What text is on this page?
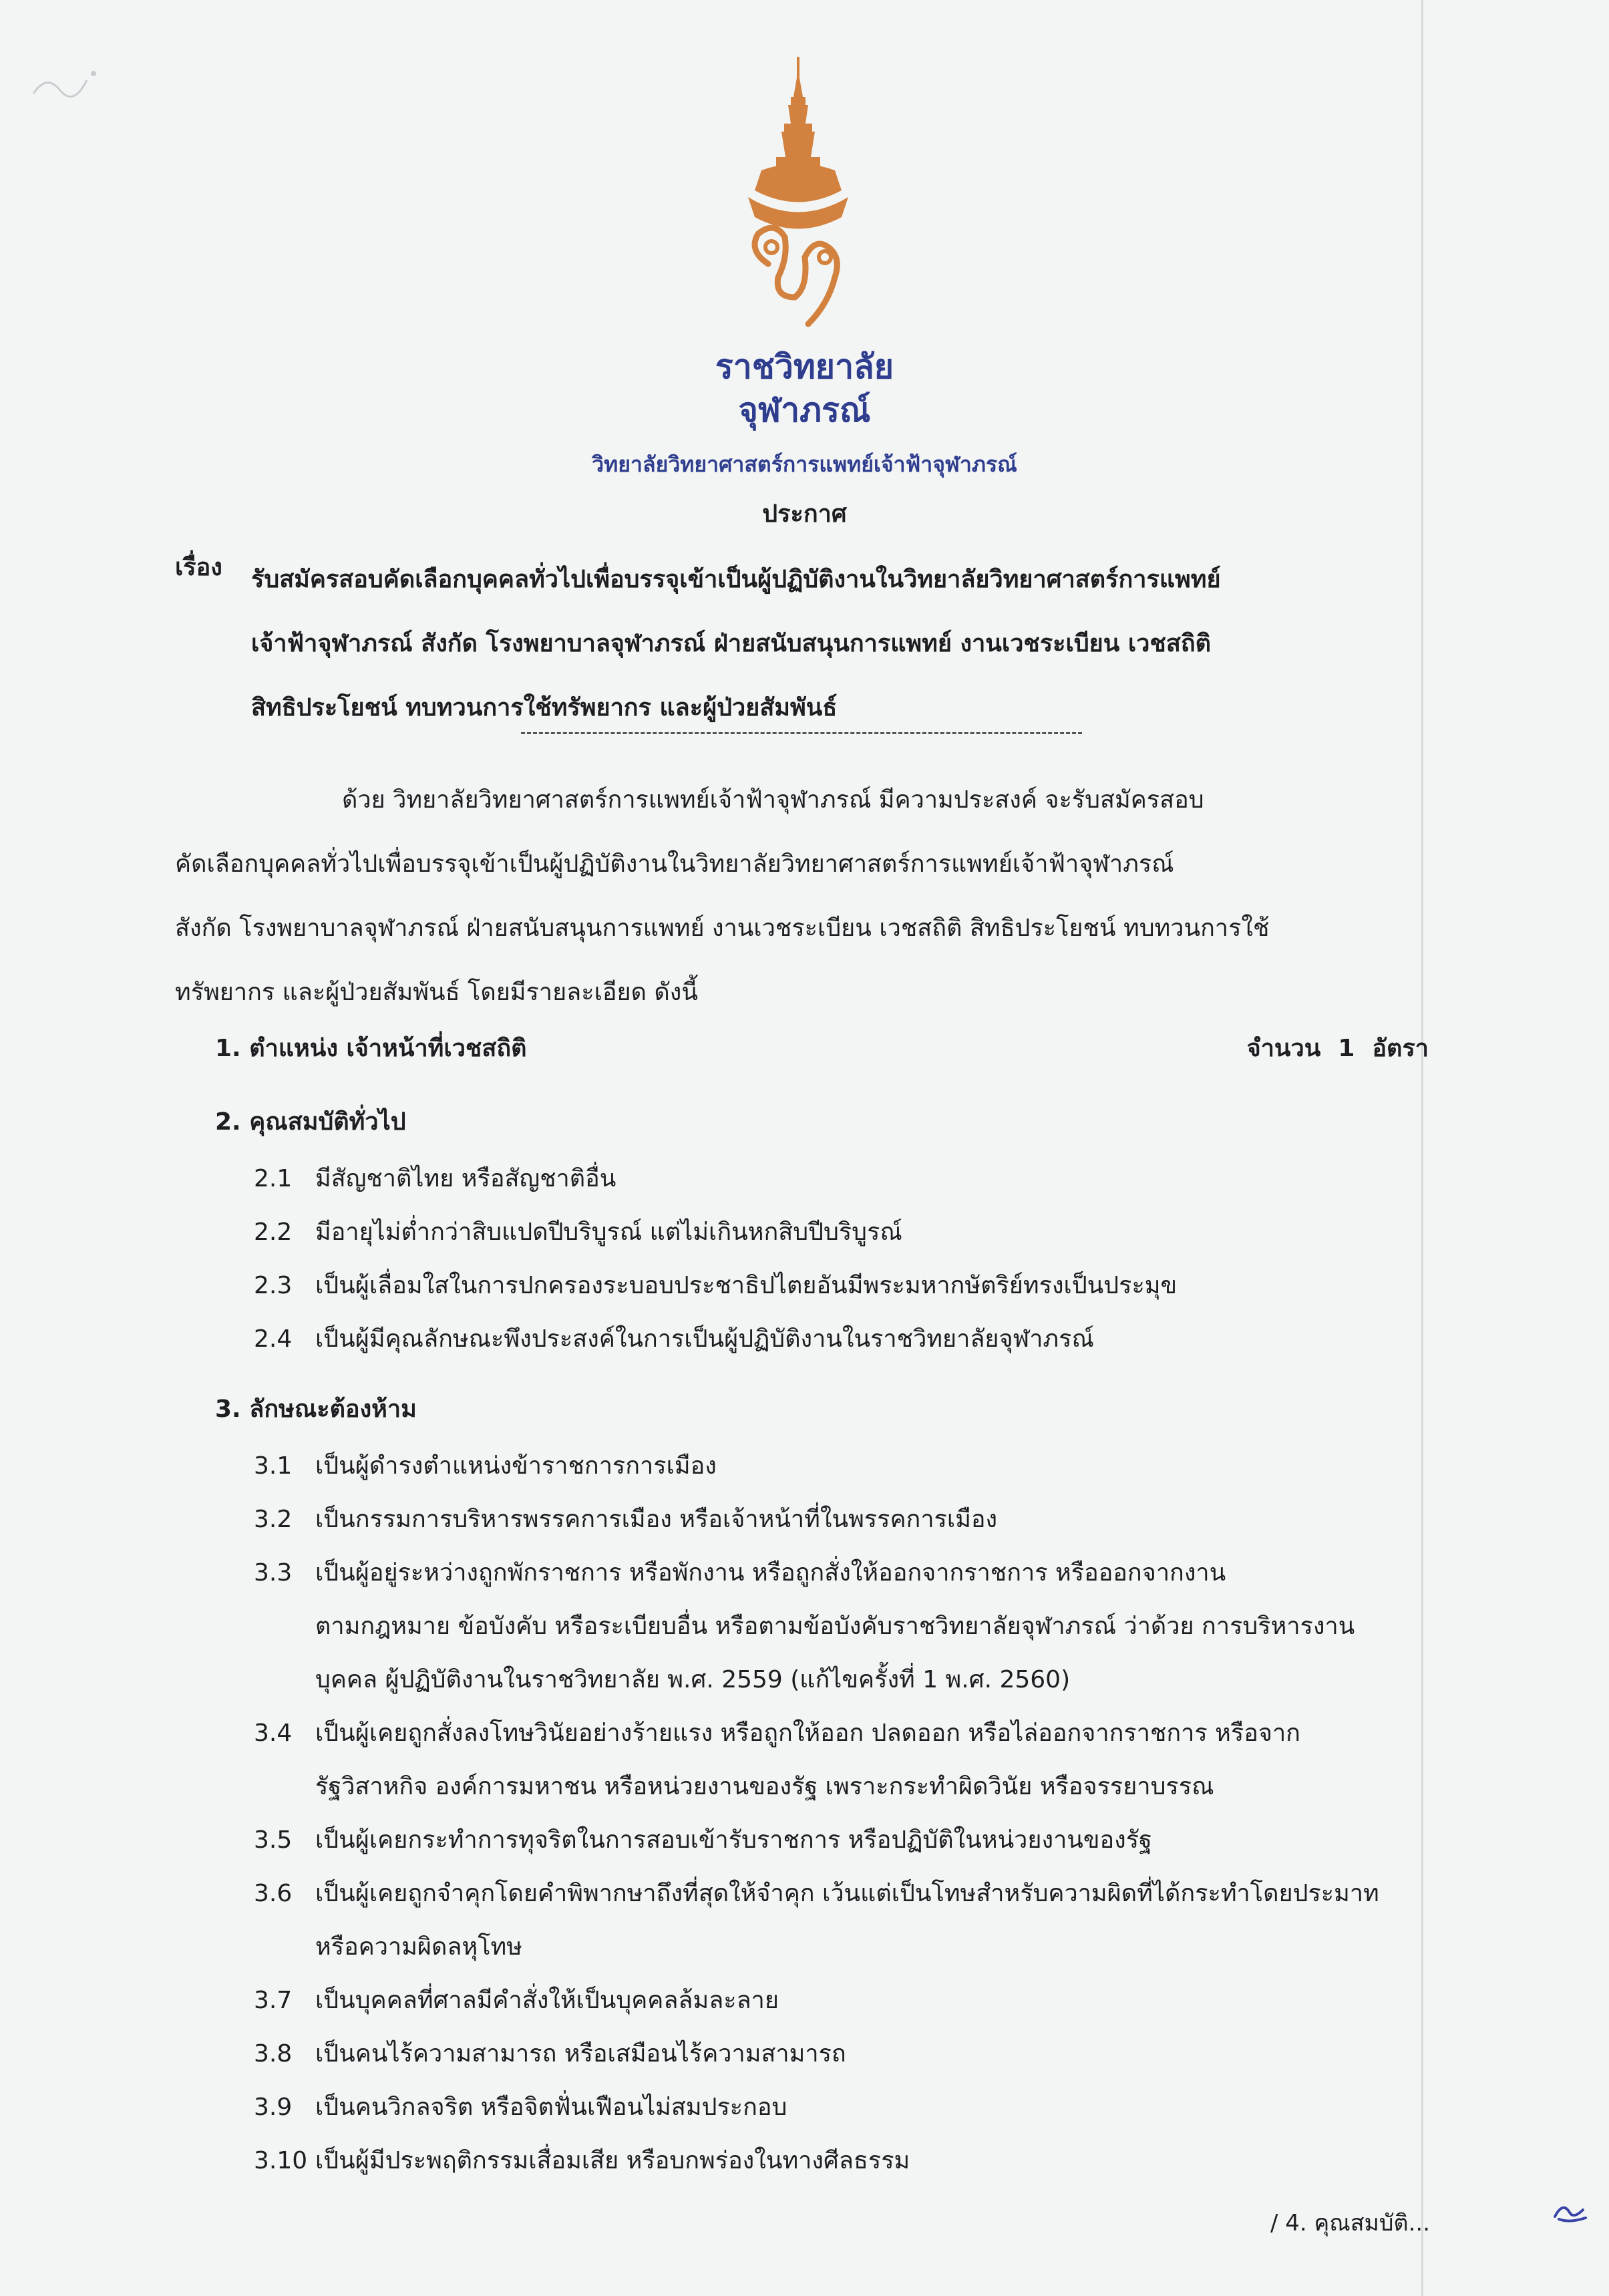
ราชวิทยาลัย
จุฬาภรณ์
วิทยาลัยวิทยาศาสตร์การแพทย์เจ้าฟ้าจุฬาภรณ์
ประกาศ
เรื่อง รับสมัครสอบคัดเลือกบุคคลทั่วไปเพื่อบรรจุเข้าเป็นผู้ปฏิบัติงานในวิทยาลัยวิทยาศาสตร์การแพทย์
เจ้าฟ้าจุฬาภรณ์ สังกัด โรงพยาบาลจุฬาภรณ์ ฝ่ายสนับสนุนการแพทย์ งานเวชระเบียน เวชสถิติ
สิทธิประโยชน์ ทบทวนการใช้ทรัพยากร และผู้ป่วยสัมพันธ์
ด้วย วิทยาลัยวิทยาศาสตร์การแพทย์เจ้าฟ้าจุฬาภรณ์ มีความประสงค์ จะรับสมัครสอบ
คัดเลือกบุคคลทั่วไปเพื่อบรรจุเข้าเป็นผู้ปฏิบัติงานในวิทยาลัยวิทยาศาสตร์การแพทย์เจ้าฟ้าจุฬาภรณ์
สังกัด โรงพยาบาลจุฬาภรณ์ ฝ่ายสนับสนุนการแพทย์ งานเวชระเบียน เวชสถิติ สิทธิประโยชน์ ทบทวนการใช้
ทรัพยากร และผู้ป่วยสัมพันธ์ โดยมีรายละเอียด ดังนี้
1. ตำแหน่ง เจ้าหน้าที่เวชสถิติ	จำนวน 1 อัตรา
2. คุณสมบัติทั่วไป
2.1 มีสัญชาติไทย หรือสัญชาติอื่น
2.2 มีอายุไม่ต่ำกว่าสิบแปดปีบริบูรณ์ แต่ไม่เกินหกสิบปีบริบูรณ์
2.3 เป็นผู้เลื่อมใสในการปกครองระบอบประชาธิปไตยอันมีพระมหากษัตริย์ทรงเป็นประมุข
2.4 เป็นผู้มีคุณลักษณะพึงประสงค์ในการเป็นผู้ปฏิบัติงานในราชวิทยาลัยจุฬาภรณ์
3. ลักษณะต้องห้าม
3.1 เป็นผู้ดำรงตำแหน่งข้าราชการการเมือง
3.2 เป็นกรรมการบริหารพรรคการเมือง หรือเจ้าหน้าที่ในพรรคการเมือง
3.3 เป็นผู้อยู่ระหว่างถูกพักราชการ หรือพักงาน หรือถูกสั่งให้ออกจากราชการ หรือออกจากงาน
ตามกฎหมาย ข้อบังคับ หรือระเบียบอื่น หรือตามข้อบังคับราชวิทยาลัยจุฬาภรณ์ ว่าด้วย การบริหารงาน
บุคคล ผู้ปฏิบัติงานในราชวิทยาลัย พ.ศ. 2559 (แก้ไขครั้งที่ 1 พ.ศ. 2560)
3.4 เป็นผู้เคยถูกสั่งลงโทษวินัยอย่างร้ายแรง หรือถูกให้ออก ปลดออก หรือไล่ออกจากราชการ หรือจาก
รัฐวิสาหกิจ องค์การมหาชน หรือหน่วยงานของรัฐ เพราะกระทำผิดวินัย หรือจรรยาบรรณ
3.5 เป็นผู้เคยกระทำการทุจริตในการสอบเข้ารับราชการ หรือปฏิบัติในหน่วยงานของรัฐ
3.6 เป็นผู้เคยถูกจำคุกโดยคำพิพากษาถึงที่สุดให้จำคุก เว้นแต่เป็นโทษสำหรับความผิดที่ได้กระทำโดยประมาท
หรือความผิดลหุโทษ
3.7 เป็นบุคคลที่ศาลมีคำสั่งให้เป็นบุคคลล้มละลาย
3.8 เป็นคนไร้ความสามารถ หรือเสมือนไร้ความสามารถ
3.9 เป็นคนวิกลจริต หรือจิตฟั่นเฟือนไม่สมประกอบ
3.10 เป็นผู้มีประพฤติกรรมเสื่อมเสีย หรือบกพร่องในทางศีลธรรม
/ 4. คุณสมบัติ...
